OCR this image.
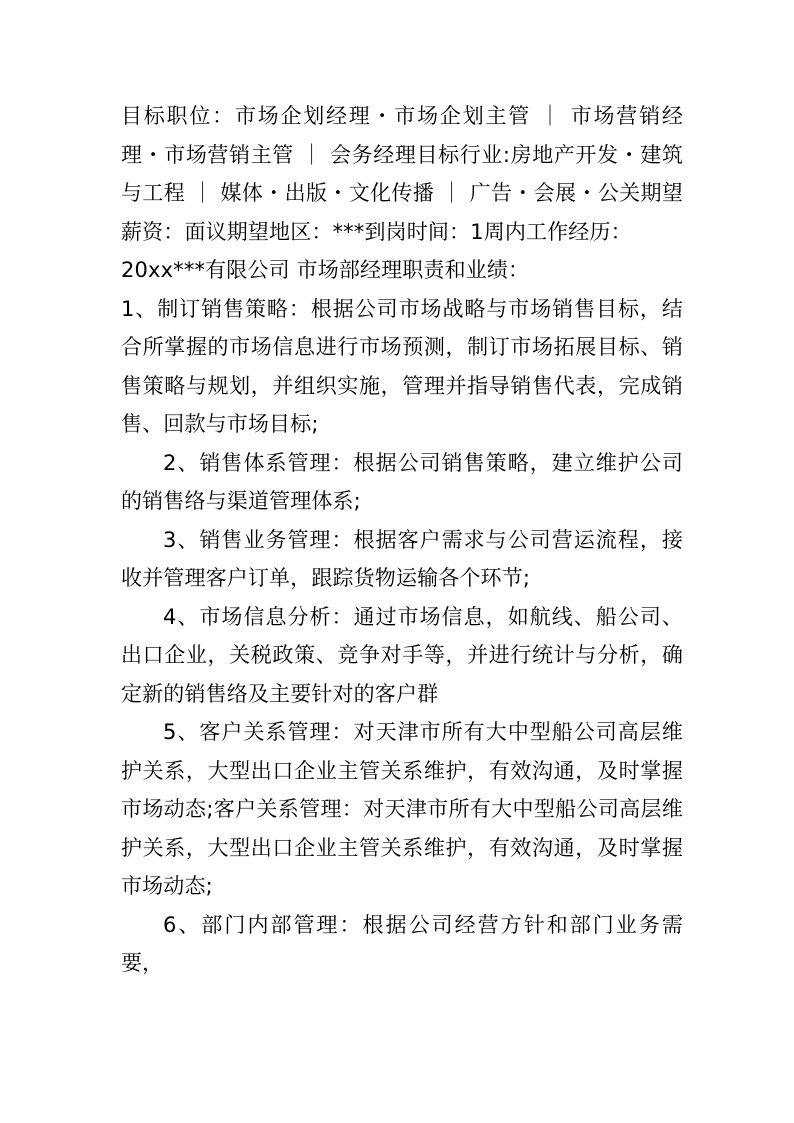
目标职位：市场企划经理・市场企划主管 ｜ 市场营销经理・市场营销主管 ｜ 会务经理目标行业:房地产开发・建筑与工程 ｜ 媒体・出版・文化传播 ｜ 广告・会展・公关期望薪资：面议期望地区：***到岗时间：1周内工作经历：

20xx***有限公司 市场部经理职责和业绩：

1、制订销售策略：根据公司市场战略与市场销售目标，结合所掌握的市场信息进行市场预测，制订市场拓展目标、销售策略与规划，并组织实施，管理并指导销售代表，完成销售、回款与市场目标;

2、销售体系管理：根据公司销售策略，建立维护公司的销售络与渠道管理体系;

3、销售业务管理：根据客户需求与公司营运流程，接收并管理客户订单，跟踪货物运输各个环节;

4、市场信息分析：通过市场信息，如航线、船公司、出口企业，关税政策、竞争对手等，并进行统计与分析，确定新的销售络及主要针对的客户群

5、客户关系管理：对天津市所有大中型船公司高层维护关系，大型出口企业主管关系维护，有效沟通，及时掌握市场动态;客户关系管理：对天津市所有大中型船公司高层维护关系，大型出口企业主管关系维护，有效沟通，及时掌握市场动态;

6、部门内部管理：根据公司经营方针和部门业务需要，
